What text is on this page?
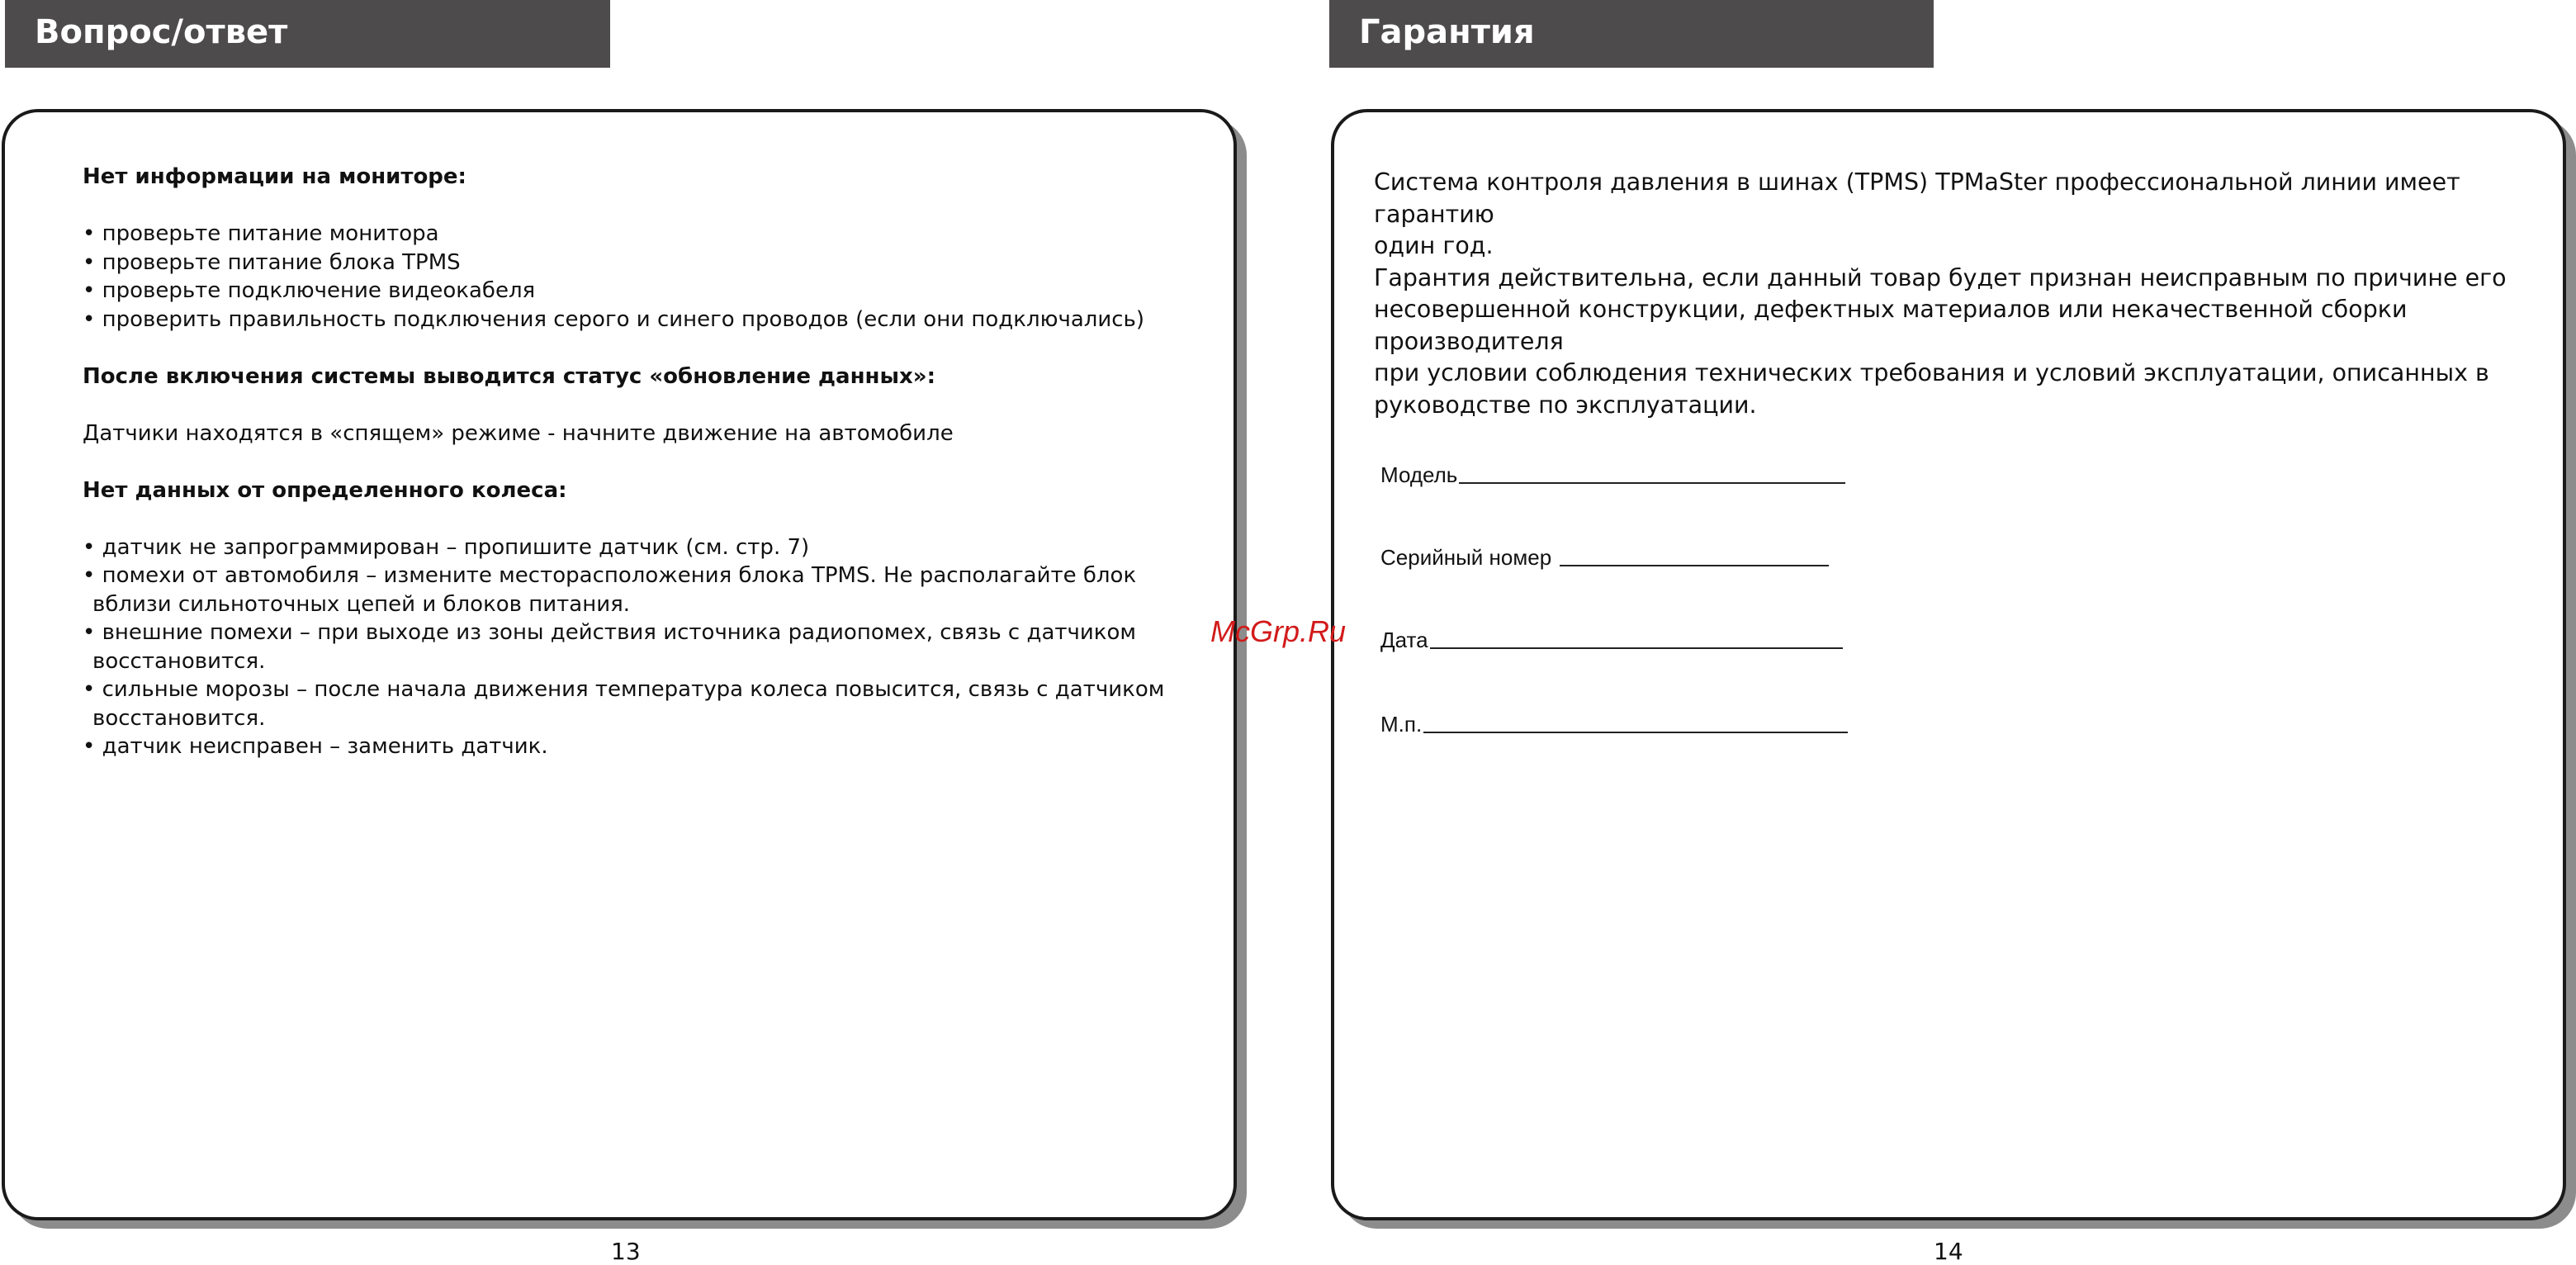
Вопрос/ответ

Нет информации на мониторе:

• проверьте питание монитора

• проверьте питание блока TPMS

• проверьте подключение видеокабеля

• проверить правильность подключения серого и синего проводов (если они подключались)

После включения системы выводится статус «обновление данных»:

Датчики находятся в «спящем» режиме - начните движение на автомобиле

Нет данных от определенного колеса:

• датчик не запрограммирован – пропишите датчик (см. стр. 7)

• помехи от автомобиля – измените месторасположения блока TPMS. Не располагайте блок

вблизи сильноточных цепей и блоков питания.

• внешние помехи – при выходе из зоны действия источника радиопомех, связь с датчиком

восстановится.

• сильные морозы – после начала движения температура колеса повысится, связь с датчиком

восстановится.

• датчик неисправен – заменить датчик.

13
Гарантия

Система контроля давления в шинах (TPMS) TPMaSter профессиональной линии имеет гарантию

один год.

Гарантия действительна, если данный товар будет признан неисправным по причине его

несовершенной конструкции, дефектных материалов или некачественной сборки производителя

при условии соблюдения технических требования и условий эксплуатации, описанных в

руководстве по эксплуатации.

Модель
Серийный номер
Дата
М.п.
14
McGrp.Ru
